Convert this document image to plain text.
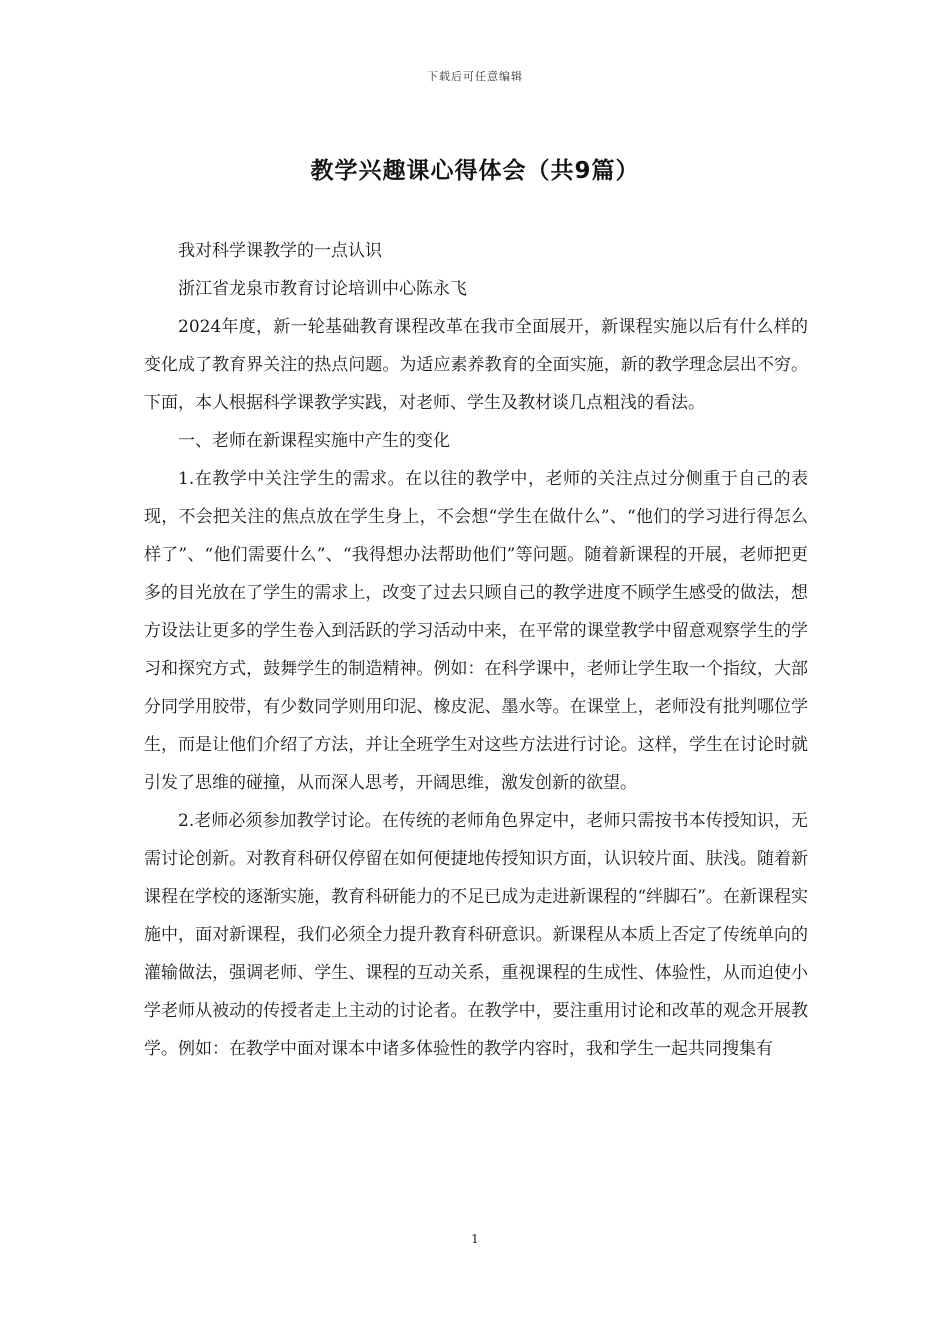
下载后可任意编辑
教学兴趣课心得体会（共9篇）

我对科学课教学的一点认识

浙江省龙泉市教育讨论培训中心陈永飞

2024年度，新一轮基础教育课程改革在我市全面展开，新课程实施以后有什么样的变化成了教育界关注的热点问题。为适应素养教育的全面实施，新的教学理念层出不穷。下面，本人根据科学课教学实践，对老师、学生及教材谈几点粗浅的看法。

一、老师在新课程实施中产生的变化

1.在教学中关注学生的需求。在以往的教学中，老师的关注点过分侧重于自己的表现，不会把关注的焦点放在学生身上，不会想“学生在做什么”、“他们的学习进行得怎么样了”、“他们需要什么”、“我得想办法帮助他们”等问题。随着新课程的开展，老师把更多的目光放在了学生的需求上，改变了过去只顾自己的教学进度不顾学生感受的做法，想方设法让更多的学生卷入到活跃的学习活动中来，在平常的课堂教学中留意观察学生的学习和探究方式，鼓舞学生的制造精神。例如：在科学课中，老师让学生取一个指纹，大部分同学用胶带，有少数同学则用印泥、橡皮泥、墨水等。在课堂上，老师没有批判哪位学生，而是让他们介绍了方法，并让全班学生对这些方法进行讨论。这样，学生在讨论时就引发了思维的碰撞，从而深人思考，开阔思维，激发创新的欲望。

2.老师必须参加教学讨论。在传统的老师角色界定中，老师只需按书本传授知识，无需讨论创新。对教育科研仅停留在如何便捷地传授知识方面，认识较片面、肤浅。随着新课程在学校的逐渐实施，教育科研能力的不足已成为走进新课程的“绊脚石”。在新课程实施中，面对新课程，我们必须全力提升教育科研意识。新课程从本质上否定了传统单向的灌输做法，强调老师、学生、课程的互动关系，重视课程的生成性、体验性，从而迫使小学老师从被动的传授者走上主动的讨论者。在教学中，要注重用讨论和改革的观念开展教学。例如：在教学中面对课本中诸多体验性的教学内容时，我和学生一起共同搜集有

1
